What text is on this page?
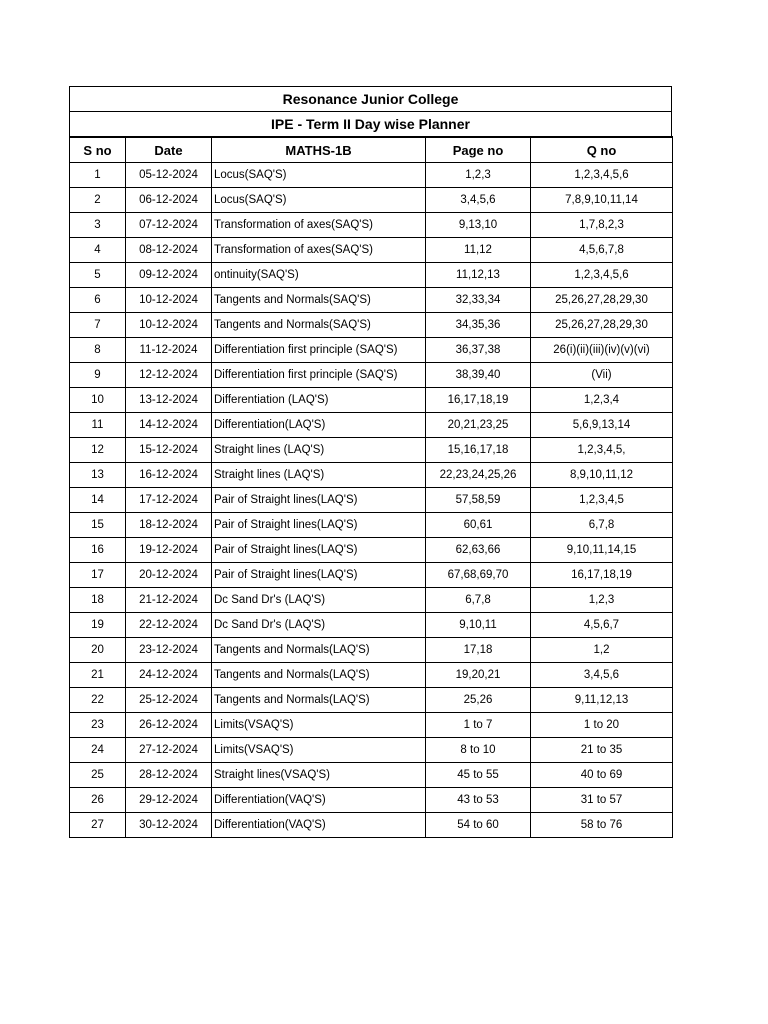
Resonance Junior College
IPE - Term II Day wise Planner
S no	Date	MATHS-1B	Page no	Q no
1	05-12-2024	Locus(SAQ'S)	1,2,3	1,2,3,4,5,6
2	06-12-2024	Locus(SAQ'S)	3,4,5,6	7,8,9,10,11,14
3	07-12-2024	Transformation of axes(SAQ'S)	9,13,10	1,7,8,2,3
4	08-12-2024	Transformation of axes(SAQ'S)	11,12	4,5,6,7,8
5	09-12-2024	ontinuity(SAQ'S)	11,12,13	1,2,3,4,5,6
6	10-12-2024	Tangents and Normals(SAQ'S)	32,33,34	25,26,27,28,29,30
7	10-12-2024	Tangents and Normals(SAQ'S)	34,35,36	25,26,27,28,29,30
8	11-12-2024	Differentiation first principle (SAQ'S)	36,37,38	26(i)(ii)(iii)(iv)(v)(vi)
9	12-12-2024	Differentiation first principle (SAQ'S)	38,39,40	(Vii)
10	13-12-2024	Differentiation (LAQ'S)	16,17,18,19	1,2,3,4
11	14-12-2024	Differentiation(LAQ'S)	20,21,23,25	5,6,9,13,14
12	15-12-2024	Straight lines (LAQ'S)	15,16,17,18	1,2,3,4,5,
13	16-12-2024	Straight lines (LAQ'S)	22,23,24,25,26	8,9,10,11,12
14	17-12-2024	Pair of Straight lines(LAQ'S)	57,58,59	1,2,3,4,5
15	18-12-2024	Pair of Straight lines(LAQ'S)	60,61	6,7,8
16	19-12-2024	Pair of Straight lines(LAQ'S)	62,63,66	9,10,11,14,15
17	20-12-2024	Pair of Straight lines(LAQ'S)	67,68,69,70	16,17,18,19
18	21-12-2024	Dc Sand Dr's (LAQ'S)	6,7,8	1,2,3
19	22-12-2024	Dc Sand Dr's (LAQ'S)	9,10,11	4,5,6,7
20	23-12-2024	Tangents and Normals(LAQ'S)	17,18	1,2
21	24-12-2024	Tangents and Normals(LAQ'S)	19,20,21	3,4,5,6
22	25-12-2024	Tangents and Normals(LAQ'S)	25,26	9,11,12,13
23	26-12-2024	Limits(VSAQ'S)	1 to 7	1 to 20
24	27-12-2024	Limits(VSAQ'S)	8 to 10	21 to 35
25	28-12-2024	Straight lines(VSAQ'S)	45 to 55	40 to 69
26	29-12-2024	Differentiation(VAQ'S)	43 to 53	31 to 57
27	30-12-2024	Differentiation(VAQ'S)	54 to 60	58 to 76
